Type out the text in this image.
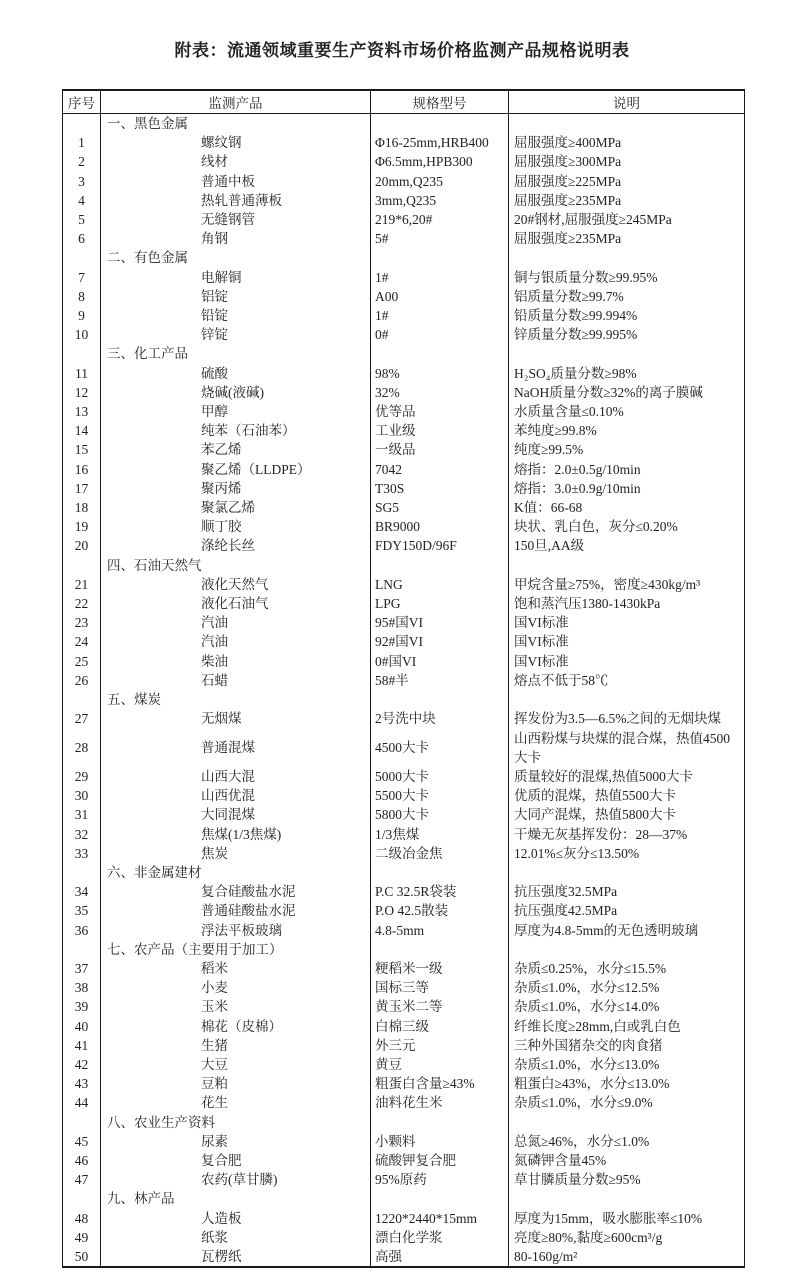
附表：流通领域重要生产资料市场价格监测产品规格说明表
序号	监测产品	规格型号	说明
	一、黑色金属		
1	螺纹钢	Φ16-25mm,HRB400	屈服强度≥400MPa
2	线材	Φ6.5mm,HPB300	屈服强度≥300MPa
3	普通中板	20mm,Q235	屈服强度≥225MPa
4	热轧普通薄板	3mm,Q235	屈服强度≥235MPa
5	无缝钢管	219*6,20#	20#钢材,屈服强度≥245MPa
6	角钢	5#	屈服强度≥235MPa
	二、有色金属		
7	电解铜	1#	铜与银质量分数≥99.95%
8	铝锭	A00	铝质量分数≥99.7%
9	铅锭	1#	铅质量分数≥99.994%
10	锌锭	0#	锌质量分数≥99.995%
	三、化工产品		
11	硫酸	98%	H₂SO₄质量分数≥98%
12	烧碱(液碱)	32%	NaOH质量分数≥32%的离子膜碱
13	甲醇	优等品	水质量含量≤0.10%
14	纯苯（石油苯）	工业级	苯纯度≥99.8%
15	苯乙烯	一级品	纯度≥99.5%
16	聚乙烯（LLDPE）	7042	熔指：2.0±0.5g/10min
17	聚丙烯	T30S	熔指：3.0±0.9g/10min
18	聚氯乙烯	SG5	K值：66-68
19	顺丁胶	BR9000	块状、乳白色，灰分≤0.20%
20	涤纶长丝	FDY150D/96F	150旦,AA级
	四、石油天然气		
21	液化天然气	LNG	甲烷含量≥75%，密度≥430kg/m³
22	液化石油气	LPG	饱和蒸汽压1380-1430kPa
23	汽油	95#国VI	国VI标准
24	汽油	92#国VI	国VI标准
25	柴油	0#国VI	国VI标准
26	石蜡	58#半	熔点不低于58℃
	五、煤炭		
27	无烟煤	2号洗中块	挥发份为3.5—6.5%之间的无烟块煤
28	普通混煤	4500大卡	山西粉煤与块煤的混合煤，热值4500大卡
29	山西大混	5000大卡	质量较好的混煤,热值5000大卡
30	山西优混	5500大卡	优质的混煤，热值5500大卡
31	大同混煤	5800大卡	大同产混煤，热值5800大卡
32	焦煤(1/3焦煤)	1/3焦煤	干燥无灰基挥发份：28—37%
33	焦炭	二级冶金焦	12.01%≤灰分≤13.50%
	六、非金属建材		
34	复合硅酸盐水泥	P.C 32.5R袋装	抗压强度32.5MPa
35	普通硅酸盐水泥	P.O 42.5散装	抗压强度42.5MPa
36	浮法平板玻璃	4.8-5mm	厚度为4.8-5mm的无色透明玻璃
	七、农产品（主要用于加工）		
37	稻米	粳稻米一级	杂质≤0.25%，水分≤15.5%
38	小麦	国标三等	杂质≤1.0%，水分≤12.5%
39	玉米	黄玉米二等	杂质≤1.0%，水分≤14.0%
40	棉花（皮棉）	白棉三级	纤维长度≥28mm,白或乳白色
41	生猪	外三元	三种外国猪杂交的肉食猪
42	大豆	黄豆	杂质≤1.0%，水分≤13.0%
43	豆粕	粗蛋白含量≥43%	粗蛋白≥43%，水分≤13.0%
44	花生	油料花生米	杂质≤1.0%，水分≤9.0%
	八、农业生产资料		
45	尿素	小颗料	总氮≥46%，水分≤1.0%
46	复合肥	硫酸钾复合肥	氮磷钾含量45%
47	农药(草甘膦)	95%原药	草甘膦质量分数≥95%
	九、林产品		
48	人造板	1220*2440*15mm	厚度为15mm，吸水膨胀率≤10%
49	纸浆	漂白化学浆	亮度≥80%,黏度≥600cm³/g
50	瓦楞纸	高强	80-160g/m²
